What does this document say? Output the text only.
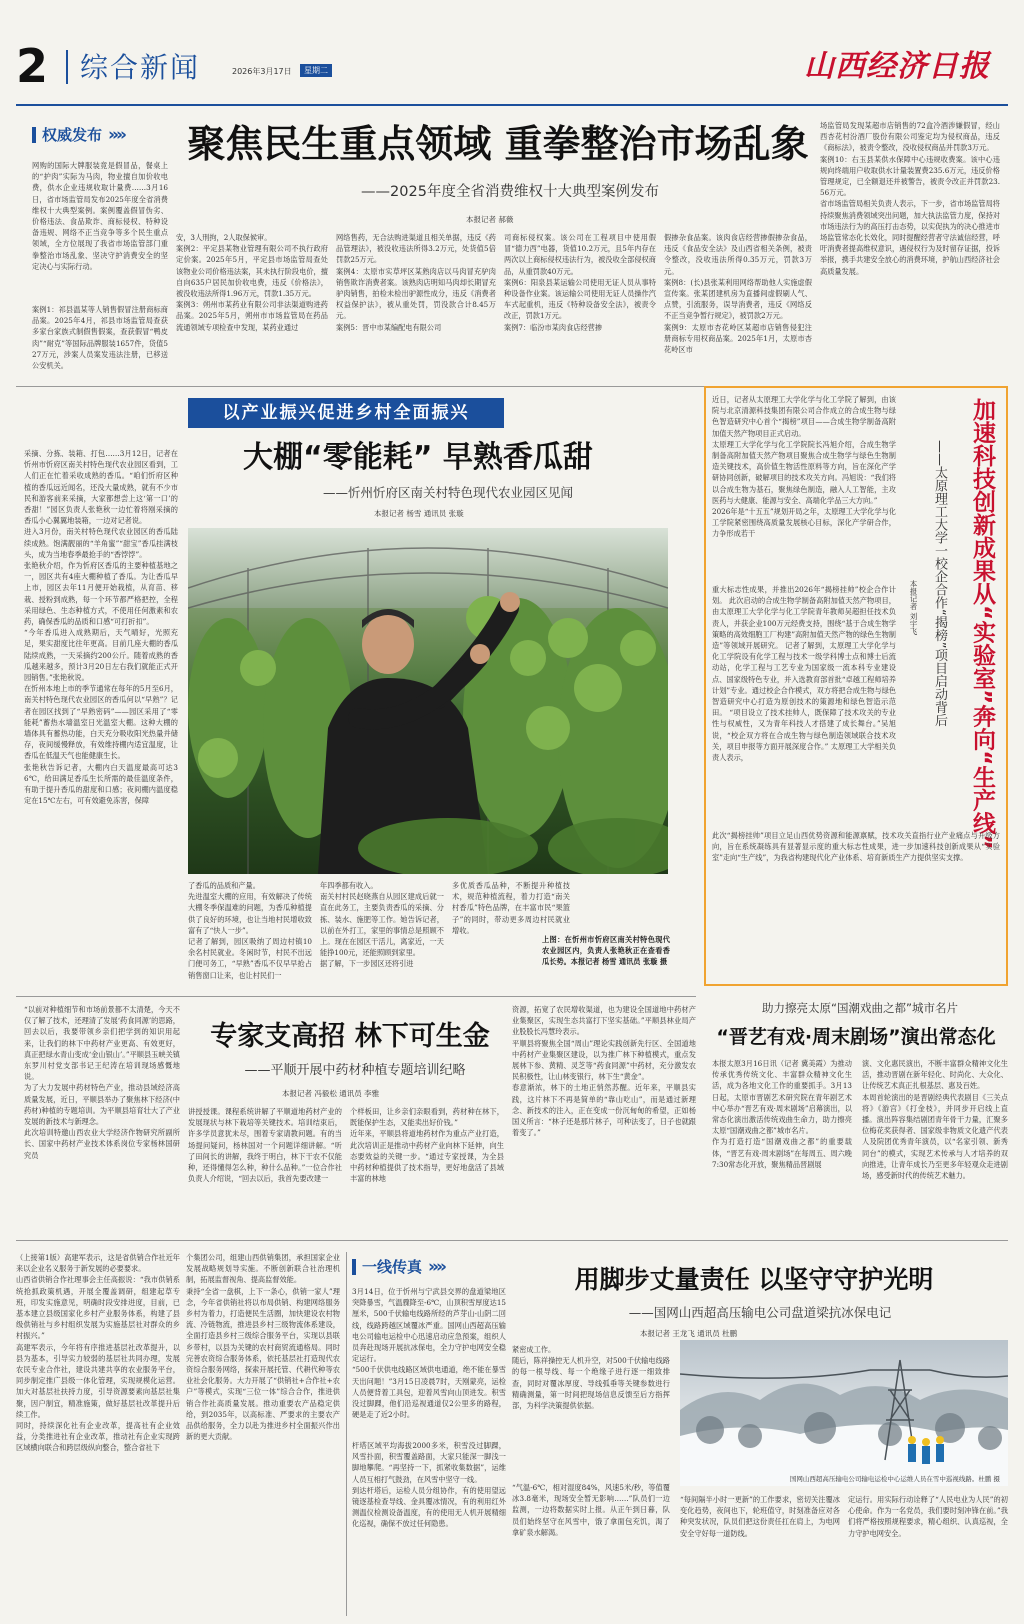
2 综合新闻	2026年3月17日	星期二	山西经济日报
权威发布 »» 聚焦民生重点领域 重拳整治市场乱象
——2025年度全省消费维权十大典型案例发布
本报记者 郝薇
网购的国际大牌服装竟是假冒品，餐桌上的“护肉”实际为马肉，物业擅自加价收电费，供水企业违规收取计量费……3月16日，省市场监管局发布2025年度全省消费维权十大典型案例。案例覆盖假冒伪劣、价格违法、食品欺诈、商标侵权、特种设备违规、网络不正当竞争等多个民生重点领域，全方位展现了我省市场监管部门重拳整治市场乱象、坚决守护消费安全的坚定决心与实际行动。
案例1：祁县温某等人销售假冒注册商标商品案。2025年4月，祁县市场监管局查获多家台家族式制假售假案，查获假冒“鸭皮肉”“耐克”等国际品牌服装1657件，货值527万元，涉案人员案发违法注册，已移送公安机关。
安，3人刑拘，2人取保候审。
案例2：平定县某物业管理有限公司不执行政府定价案。2025年5月，平定县市场监管局查处该物业公司价格违法案，其未执行阶段电价，擅自向635户居民加价收电费，违反《价格法》，被没收违法所得1.96万元，罚款1.35万元。
案例3：朔州市某药业有限公司非法渠道购进药品案。2025年5月，朔州市市场监管局在药品流通领域专项检查中发现，某药业通过
网络售药，无合法购进渠道且相关单据，违反《药品管理法》，被没收违法所得3.2万元，处货值5倍罚款25万元。
案例4：太原市实草坪区某熟肉店以马肉冒充驴肉销售欺诈消费者案。该熟肉店明知马肉却长期冒充驴肉销售，拍检未检出驴源性成分，违反《消费者权益保护法》，被从重处罚，罚没款合计8.45万元。
案例5：晋中市某编配电有限公司
司商标侵权案。该公司在工程项目中使用假冒“德力西”电器，货值10.2万元，且5年内存在两次以上商标侵权违法行为，被没收全部侵权商品，从重罚款40万元。
案例6：阳泉县某运输公司使用无证人员从事特种设备作业案。该运输公司使用无证人员操作汽车式起重机，违反《特种设备安全法》，被责令改正，罚款1万元。
案例7：临汾市某肉食店经营掺
假掺杂食品案。该肉食店经营掺假掺杂食品，违反《食品安全法》及山西省相关条例，被责令整改，没收违法所得0.35万元，罚款3万元。
案例8：(长)县张某利用网络帮助他人实施虚假宣传案。张某团建机房为直播间虚假刷人气、点赞，引流服务，误导消费者，违反《网络反不正当竞争暂行规定》，被罚款2万元。
案例9：太原市杏花岭区某超市店销售侵犯注册商标专用权商品案。2025年1月，太原市杏花岭区市
场监管局发现某超市店销售的72盒冷酒涉嫌假冒，经山西杏花村汾酒厂股份有限公司鉴定均为侵权商品，违反《商标法》，被责令整改，没收侵权商品并罚款3万元。
案例10：右玉县某供水保障中心违规收费案。该中心违规向终端用户收取供水计量装置费235.6万元，违反价格管理规定，已全额退还并被警告，被责令改正并罚款23.56万元。
省市场监管局相关负责人表示，下一步，省市场监管局将持续聚焦消费领域突出问题，加大执法监管力度，保持对市场违法行为的高压打击态势，以实促执为的决心推进市场监管常态化长效化，同时提醒经营者守法诚信经营，呼吁消费者提高维权意识，遇侵权行为及时留存证据，投诉举报，携手共建安全放心的消费环境，护航山西经济社会高质量发展。
以产业振兴促进乡村全面振兴
大棚“零能耗” 早熟香瓜甜
——忻州忻府区南关村特色现代农业园区见闻
本报记者 杨雪 通讯员 张璇
采摘、分拣、装箱、打包……3月12日，记者在忻州市忻府区南关村特色现代农业园区看到，工人们正在忙着采收成熟的香瓜。“咱们忻府区种植的香瓜远近闻名，还没大量成熟，就有不少市民和游客前来采摘，大家都想尝上这‘第一口’的香甜！”园区负责人张艳秋一边忙着将刚采摘的香瓜小心翼翼地装箱，一边对记者说。
进入3月份，南关村特色现代农业园区的香瓜陆续成熟。饱满靓丽的“羊角蜜”“甜宝”香瓜挂满枝头，成为当地春季最抢手的“香饽饽”。
张艳秋介绍，作为忻府区香瓜的主要种植基地之一，园区共有4座大棚种植了香瓜。为让香瓜早上市，园区去年11月便开始栽植，从育苗、移栽、授粉到成熟，每一个环节都严格把控，全程采用绿色、生态种植方式，不使用任何激素和农药，确保香瓜的品质和口感“可打折扣”。
“今年香瓜进入成熟期后，天气晴好，光照充足，果实甜度比往年更高。目前几座大棚的香瓜陆续成熟，一天采摘约200公斤。随着成熟的香瓜越来越多，预计3月20日左右我们就能正式开园销售。”张艳秋说。
在忻州本地上市的季节通常在每年的5月至6月，南关村特色现代农业园区的香瓜何以“早熟”？记者在园区找到了“早熟密码”——园区采用了“零能耗”蓄热水墙温室日光温室大棚。这种大棚的墙体具有蓄热功能，白天充分吸收阳光热量并储存，夜间缓慢释放，有效维持棚内适宜温度，让香瓜在低温天气也能健康生长。
张艳秋告诉记者，大棚内白天温度最高可达36℃，给田满足香瓜生长所需的最佳温度条件，有助于提升香瓜的甜度和口感；夜间棚内温度稳定在15℃左右，可有效避免冻害，保障
了香瓜的品质和产量。
先进温室大棚的应用，有效解决了传统大棚冬季保温难的问题，为香瓜种植提供了良好的环境，也让当地村民增收致富有了“快人一步”。
记者了解到，园区吸纳了周边村镇10余名村民就业。冬闲时节，村民不出远门便可务工，“早熟”香瓜不仅早早抢占销售窗口让来，也让村民们一
年四季都有收入。
南关村村民赵晓燕自从园区建成后就一直在此务工，主要负责香瓜的采摘、分拣、装水、施肥等工作。她告诉记者，以前在外打工，家里的事情总是照顾不上。现在在园区干活儿，离家近，一天能挣100元，还能照顾到家里。
据了解，下一步园区还将引进
多优质香瓜品种，不断提升种植技术，规范种植流程，着力打造“南关村香瓜”特色品牌，在丰富市民“果篮子”的同时，带动更多周边村民就业增收。
上图：在忻州市忻府区南关村特色现代农业园区内，负责人张艳秋正在查看香瓜长势。本报记者 杨雪 通讯员 张璇 摄
近日，记者从太原理工大学化学与化工学院了解到，由该院与北京清源科技集团有限公司合作成立的合成生物与绿色智造研究中心首个“揭榜”项目——合成生物学制备高附加值天然产物项目正式启动。
太原理工大学化学与化工学院院长冯旭介绍，合成生物学制备高附加值天然产物项目聚焦合成生物学与绿色生物制造关键技术，高价值生物活性原料等方向，旨在深化产学研协同创新，破解项目的技术攻关方向。冯旭说：“我们将以合成生物为基石，聚焦绿色制造，融入人工智能，主攻医药与大健康、能源与安全、高端化学品三大方向。”
2026年是“十五五”规划开局之年，太原理工大学化学与化工学院紧密围绕高质量发展核心目标，深化产学研合作，力争形成若干	加速科技创新成果从“实验室”奔向“生产线”
——太原理工大学一校企合作“揭榜”项目启动背后
本报记者 刘宇飞
重大标志性成果，并推出2026年“揭榜挂帅”校企合作计划。 此次启动的合成生物学制备高附加值天然产物项目，由太原理工大学化学与化工学院青年教师吴超担任技术负责人，并获企业100万元经费支持，围绕“基于合成生物学策略的高效细胞工厂构建”高附加值天然产物的绿色生物制造”等领域开展研究。 记者了解到，太原理工大学化学与化工学院设有化学工程与技术一级学科博士点和博士后流动站，化学工程与工艺专业为国家级一流本科专业建设点、国家级特色专业，并入选教育部首批“卓越工程师培养计划”专业。通过校企合作模式，双方将把合成生物与绿色智造研究中心打造为原创技术的策源地和绿色智造示范田。 “项目设立了技术挂帅人，既保障了技术攻关的专业性与权威性，又为青年科技人才搭建了成长舞台。”吴旭说，“校企双方将在合成生物与绿色制造领域联合技术攻关，项目申报等方面开展深度合作。” 太原理工大学相关负责人表示，
此次“揭榜挂帅”项目立足山西优势资源和能源禀赋，技术攻关直指行业产业痛点与升级方向，旨在系统凝练具有显著显示度的重大标志性成果，进一步加速科技创新成果从“实验室”走向“生产线”，为我省构建现代化产业体系、培育新质生产力提供坚实支撑。
专家支高招 林下可生金
——平顺开展中药材种植专题培训纪略
本报记者 冯毅松 通讯员 李雅
“以前对种植细节和市场前景都不太清楚，今天不仅了解了技术，还理清了发展‘药食同源’的思路，回去以后，我要带领乡亲们把学到的知识用起来，让我们的林下中药材产业更高、有效更好，真正把绿水青山变成‘金山银山’。”平顺县玉峡关镇东罗川村党支部书记王纪涛在培训现场感慨地说。
为了大力发展中药材特色产业，推动县域经济高质量发展，近日，平顺县举办了聚焦林下经济(中药材)种植的专题培训。为平顺县培育壮大了产业发展的新技术与新理念。
此次培训特邀山西农业大学经济作物研究所副所长、国家中药材产业技术体系岗位专家杨林国研究员
讲授授课。课程系统讲解了平顺道地药材产业的发展现状与林下栽培等关键技术。培训结束后，许多学员意犹未尽，围着专家请教问题。有的当场提问疑问，杨林国对一个问题详细讲解。“听了田间长的讲解，我终于明白，林下干农不仅能种，还得懂得怎么种，种什么品种。”一位合作社负责人介绍说，“回去以后，我首先要改建一
个样板田，让乡亲们亲眼看到，药材种在林下，既能保护生态，又能卖出好价钱。”
近年来，平顺县将道地药材作为重点产业打造，此次培训正是推动中药材产业向林下延伸，向生态要效益的关键一步。“通过专家授课，为全县中药材种植提供了技术指导，更好地盘活了县域丰富的林地
资源，拓宽了农民增收渠道，也为建设全国道地中药材产业集聚区，实现生态共富打下坚实基础。”平顺县林业局产业股股长冯慧玲表示。
平顺县将聚焦全国“周山”理论实践创新先行区、全国道地中药材产业集聚区建设，以为推广林下种植模式，重点发展林下参、黄精、灵芝等“药食同源”中药材，充分激发农民积极性，让山林变银行，林下生“黄金”。
春意渐浓，林下的土地正悄然苏醒。近年来，平顺县实践，这片林下不再是简单的“靠山吃山”，而是通过新理念、新技术的注入，正在变成一份沉甸甸的希望，正如杨国义所言：“林子还是那片林子，可种法变了，日子也就跟着变了。”
助力擦亮太原“国潮戏曲之都”城市名片
“晋艺有戏·周末剧场”演出常态化
本报太原3月16日讯（记者 冀美霞）为推动传承优秀传统文化、丰富群众精神文化生活，成为各地文化工作的重要抓手。3月13日起，太原市晋剧艺术研究院在青年剧艺术中心举办“晋艺有戏·周末剧场”启幕演出，以常态化演出激活传统戏曲生命力，助力擦亮太原“国潮戏曲之都”城市名片。
作为打造打造“国潮戏曲之都”的重要载体，“晋艺有戏·周末剧场”在每周五、周六晚7:30常态化开放，聚焦精品晋剧展
演、文化惠民演出，不断丰富群众精神文化生活，推动晋剧在新年轻化、时尚化、大众化、让传统艺术真正扎根基层、惠及百姓。
本周首轮演出的是晋剧经典代表剧目《三关点将》《游宫》《打金枝》，并同步开启线上直播。演出阵容集结剧团青年骨干力量，汇聚多位梅花奖获得者、国家级非物质文化遗产代表人及院团优秀青年演员，以“名家引领、新秀同台”的模式，实现艺术传承与人才培养的双向推进，让青年成长乃至更多年轻观众走进剧场，感受新时代的传统艺术魅力。
（上接第1版）高建军表示，这是省供销合作社近年来以企业名义服务于新发展的必要要求。
山西省供销合作社理事会主任高振说：“我市供销系统抢抓政策机遇，开展全覆盖调研，组建起草专班，印发实施意见，明确时段安排进度，目前，已基本建立县级国家化乡村产业服务体系，构建了县级供销社与乡村组织发展为实施基层社对群众的乡村振兴。”
高建军表示，今年将有序推进基层社改革提升，以县为基本，引导实力较弱的基层社共同办理，发展农民专业合作社，建设共建共享的农业服务平台，同步制定推广县级一体化管理，实现规模化运营。加大对基层社扶持力度，引导资源要素向基层社集聚，因户制宜，精准施策，做好基层社改革提升后续工作。
同时，持续深化社有企业改革，提高社有企业效益，分类推进社有企业改革，推动社有企业实现跨区域横向联合和跨层级纵向整合，整合省社下
个集团公司，组建山西供销集团，承担国家企业发展战略规划导实施。不断创新联合社治理机制，拓展监督视角、提高监督效能。
秉持“全省一盘棋，上下一条心，供销一家人”理念，今年省供销社将以布局供销、构建网络服务乡村为着力，打造便民生活圈，加快建设农村物流、冷链物流，推进县乡村三级物流体系建设，全面打造县乡村三级综合服务平台，实现以县联乡带村，以县为关键的农村商贸流通格局。同时完善农资综合服务体系，依托基层社打造现代农资综合服务网络，探索开展托管、代耕代种等农业社会化服务。大力开展了“供销社+合作社+农户”等模式，实现“三位一体”综合合作，推进供销合作社高质量发展。推动重要农产品稳定供给，到2035年，以高标准、严要求的主要农产品供给服务，全力以赴为推进乡村全面振兴作出新的更大贡献。
一线传真 »»
3月14日，位于忻州与宁武县交界的盘道梁地区突降暴雪，气温骤降至-6℃，山顶积雪厚度达15厘米，500千伏输电线路所经的芦芽山-山阴二回线，线路跨越区域覆冰严重。国网山西超高压输电公司输电运检中心迅速启动应急预案，组织人员奔赴现场开展抗冰保电，全力守护电网安全稳定运行。
“500千伏供电线路区域供电通道，绝不能在暴雪天出问题！”3月15日凌晨7时，天刚蒙亮，运检人员便背着工具包，迎着风雪向山顶进发。积雪没过脚踝，他们沿巡视通道仅2公里多的路程，硬是走了近2小时。
杆塔区域平均海拔2000多米，积雪没过脚踝，风雪扑面，积雪覆盖路面，大家只能深一脚浅一脚地攀爬。“再坚持一下，抓紧收集数据”，运维人员互相打气鼓劲，在风雪中坚守一线。
到达杆塔后，运检人员分组协作，有的使用望远镜逐基检查导线、金具覆冰情况，有的利用红外测温仪检测设备温度，有的使用无人机开展精细化巡视，确保不放过任何隐患。
用脚步丈量责任 以坚守守护光明
——国网山西超高压输电公司盘道梁抗冰保电记
本报记者 王龙飞 通讯员 杜鹏
紧密成工作。
随后，陈祥操控无人机升空，对500千伏输电线路的每一根导线、每一个绝缘子进行逐一细致排查，同时对覆冰厚度、导线弧垂等关键参数进行精确测量，第一时间把现场信息反馈至后方指挥部，为科学决策提供依据。
国网山西超高压输电公司输电运检中心运维人员在雪中巡视线路。杜鹏 摄
“气温-6℃，相对湿度84%，风速5米/秒，等值覆冰3.8毫米，现场安全暂无影响……”队员们一边监测，一边将数据实时上报。从正午到日暮，队员们始终坚守在风雪中，饿了拿面包充饥，渴了拿矿泉水解渴。
“每间隔半小时一更新”的工作要求，密切关注覆冰变化趋势，夜间也下，轮班值守，时刻准备应对各种突发状况，队员们把这份责任扛在肩上，为电网安全守好每一道防线。
定运行。用实际行动诠释了“人民电业为人民”的初心使命。作为一名党员，我们要时刻冲锋在前。”我们将严格按照规程要求，精心组织、认真巡视，全力守护电网安全。
